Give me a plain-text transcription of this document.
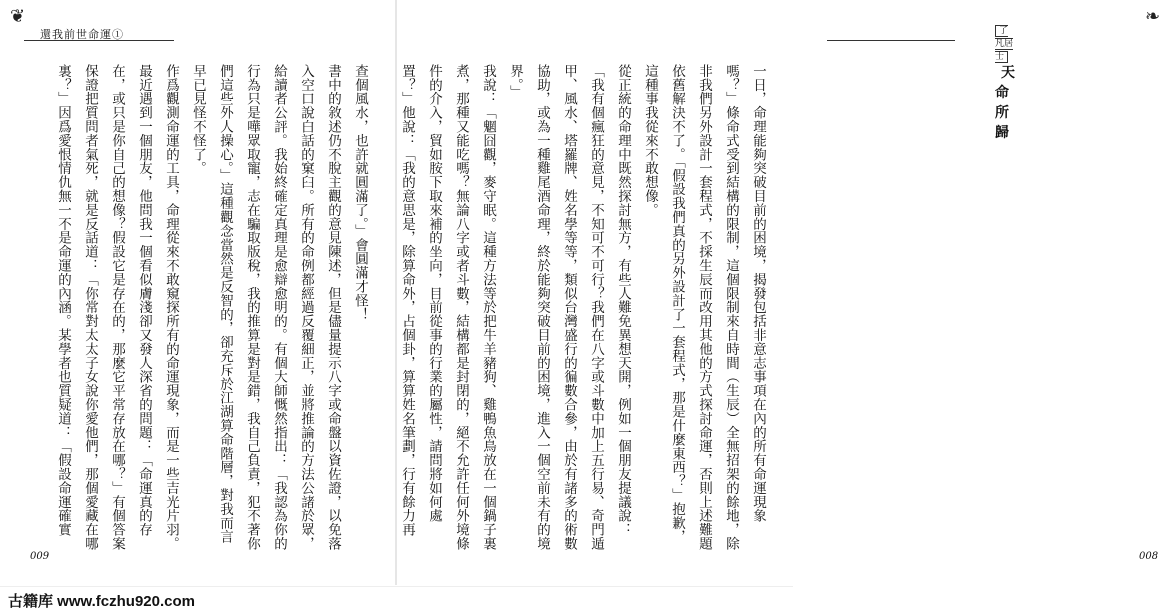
❦
還我前世命運①
009
了凡居士 天命所歸
❧
008
一日，命理能夠突破目前的困境，揭發包括非意志事項在內的所有命運現象嗎？」條命式受到結構的限制，這個限制來自時間（生辰）全無招架的餘地，除非我們另外設計一套程式，不採生辰而改用其他的方式探討命運，否則上述難題依舊解決不了。「假設我們真的另外設計了一套程式，那是什麼東西？」抱歉，這種事我從來不敢想像。
從正統的命理中既然探討無方，有些人難免異想天開，例如一個朋友提議說：「我有個瘋狂的意見，不知可不可行？我們在八字或斗數中加上五行易、奇門遁甲、風水、塔羅牌、姓名學等等，類似台灣盛行的徧數合參，由於有諸多的術數協助，或為一種雞尾酒命理，終於能夠突破目前的困境，進入一個空前未有的境界。」
我說：「魍囧觀，麥守眠。這種方法等於把牛羊豬狗、雞鴨魚鳥放在一個鍋子裏煮，那種又能吃嗎？無論八字或者斗數，結構都是封閉的，絕不允許任何外境條件的介入，貿如胺下取來補的坐向，目前從事的行業的屬性，請問將如何處置？」他說：「我的意思是，除算命外，占個卦，算算姓名筆劃，行有餘力再
查個風水，也許就圓滿了。」會圓滿才怪！
書中的敘述仍不脫主觀的意見陳述，但是儘量提示八字或命盤以資佐證，以免落入空口說白話的窠臼。所有的命例都經過反覆細正，並將推論的方法公諸於眾，給讀者公評。我始終確定真理是愈辯愈明的。有個大師慨然指出：「我認為你的行為只是嘩眾取寵，志在騙取版稅，我的推算是對是錯，我自己負責，犯不著你們這些外人操心。」這種觀念當然是反智的，卻充斥於江湖算命階層，對我而言早已見怪不怪了。
作爲觀測命運的工具，命理從來不敢窺探所有的命運現象，而是一些吉光片羽。最近遇到一個朋友，他問我一個看似膚淺卻又發人深省的問題：「命運真的存在，或只是你自己的想像？假設它是存在的，那麼它平常存放在哪？」有個答案保證把質問者氣死，就是反話道：「你常對太太子女說你愛他們，那個愛藏在哪裏？」因爲愛恨情仇無一不是命運的內涵。某學者也質疑道：「假設命運確實
古籍库 www.fczhu920.com
